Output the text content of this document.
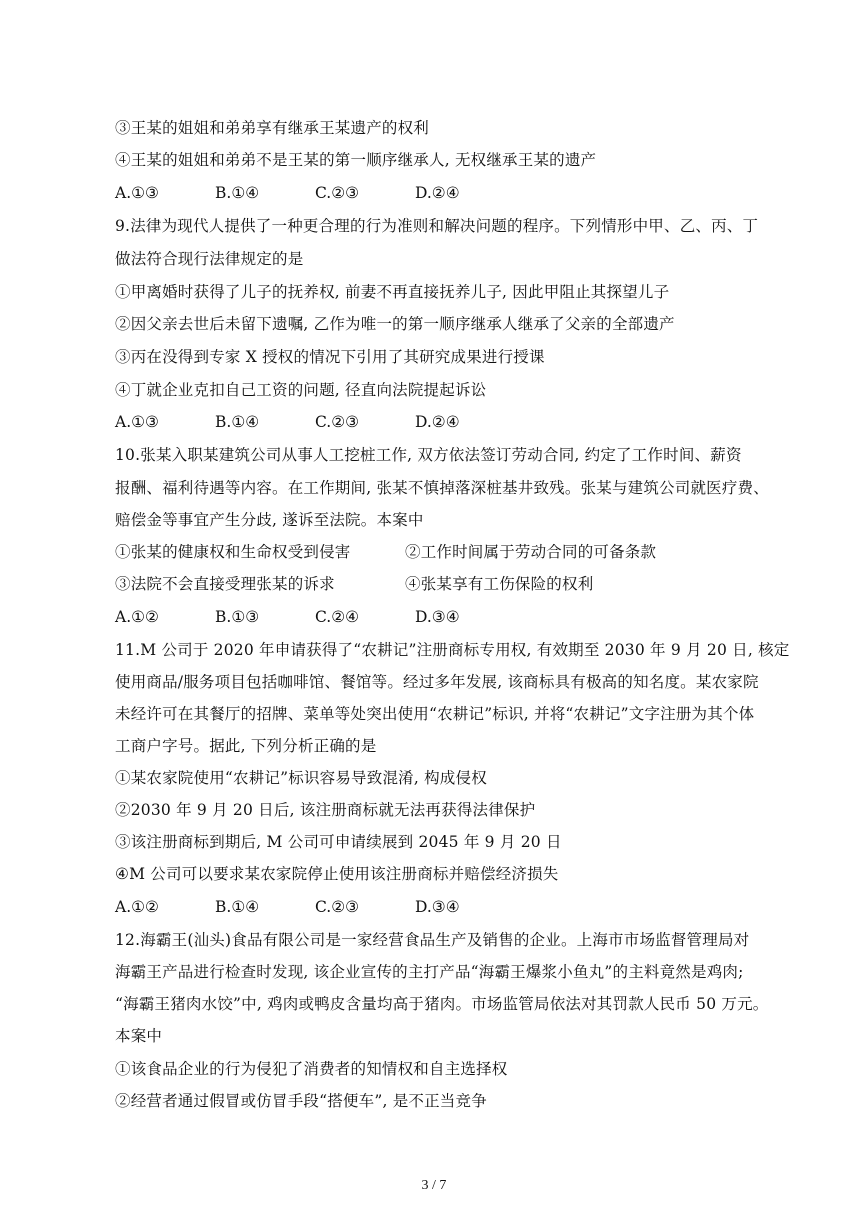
③王某的姐姐和弟弟享有继承王某遗产的权利
④王某的姐姐和弟弟不是王某的第一顺序继承人, 无权继承王某的遗产
A.①③	B.①④	C.②③	D.②④
9.法律为现代人提供了一种更合理的行为准则和解决问题的程序。下列情形中甲、乙、丙、丁
做法符合现行法律规定的是
①甲离婚时获得了儿子的抚养权, 前妻不再直接抚养儿子, 因此甲阻止其探望儿子
②因父亲去世后未留下遗嘱, 乙作为唯一的第一顺序继承人继承了父亲的全部遗产
③丙在没得到专家 X 授权的情况下引用了其研究成果进行授课
④丁就企业克扣自己工资的问题, 径直向法院提起诉讼
A.①③	B.①④	C.②③	D.②④
10.张某入职某建筑公司从事人工挖桩工作, 双方依法签订劳动合同, 约定了工作时间、薪资
报酬、福利待遇等内容。在工作期间, 张某不慎掉落深桩基井致残。张某与建筑公司就医疗费、
赔偿金等事宜产生分歧, 遂诉至法院。本案中
①张某的健康权和生命权受到侵害	②工作时间属于劳动合同的可备条款
③法院不会直接受理张某的诉求	④张某享有工伤保险的权利
A.①②	B.①③	C.②④	D.③④
11.M 公司于 2020 年申请获得了“农耕记”注册商标专用权, 有效期至 2030 年 9 月 20 日, 核定
使用商品/服务项目包括咖啡馆、餐馆等。经过多年发展, 该商标具有极高的知名度。某农家院
未经许可在其餐厅的招牌、菜单等处突出使用“农耕记”标识, 并将“农耕记”文字注册为其个体
工商户字号。据此, 下列分析正确的是
①某农家院使用“农耕记”标识容易导致混淆, 构成侵权
②2030 年 9 月 20 日后, 该注册商标就无法再获得法律保护
③该注册商标到期后, M 公司可申请续展到 2045 年 9 月 20 日
④M 公司可以要求某农家院停止使用该注册商标并赔偿经济损失
A.①②	B.①④	C.②③	D.③④
12.海霸王(汕头)食品有限公司是一家经营食品生产及销售的企业。上海市市场监督管理局对
海霸王产品进行检查时发现, 该企业宣传的主打产品“海霸王爆浆小鱼丸”的主料竟然是鸡肉;
“海霸王猪肉水饺”中, 鸡肉或鸭皮含量均高于猪肉。市场监管局依法对其罚款人民币 50 万元。
本案中
①该食品企业的行为侵犯了消费者的知情权和自主选择权
②经营者通过假冒或仿冒手段“搭便车”, 是不正当竞争
3 / 7
